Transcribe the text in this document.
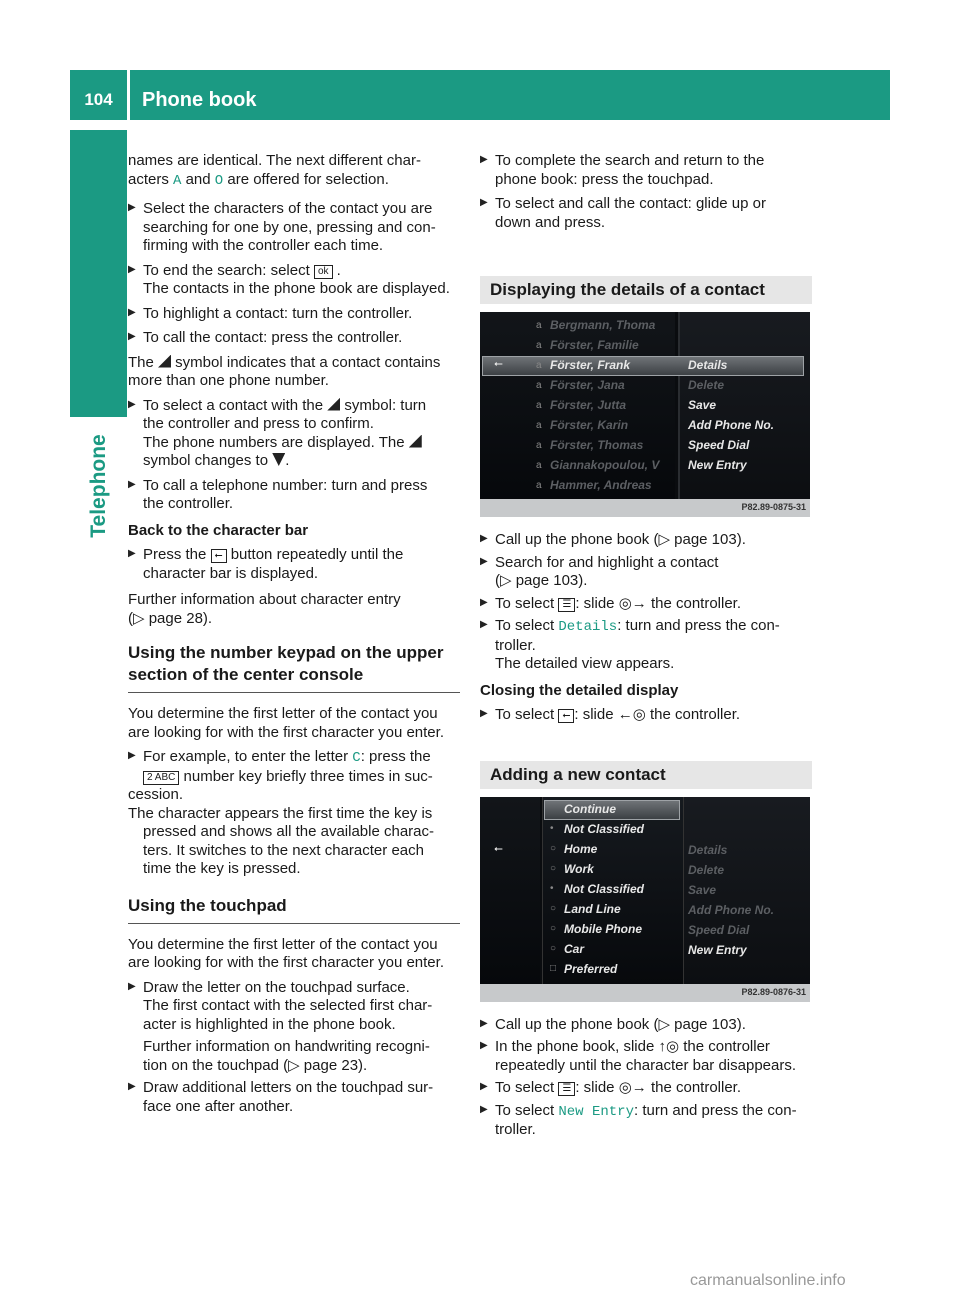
104	Phone book
Telephone

names are identical. The next different char-

acters A and O are offered for selection.

▶ Select the characters of the contact you are

searching for one by one, pressing and con-

firming with the controller each time.

▶ To end the search: select ok .

The contacts in the phone book are displayed.

▶ To highlight a contact: turn the controller.

▶ To call the contact: press the controller.

The  symbol indicates that a contact contains

more than one phone number.

▶ To select a contact with the  symbol: turn

the controller and press to confirm.

The phone numbers are displayed. The

symbol changes to .

▶ To call a telephone number: turn and press

the controller.

Back to the character bar

▶ Press the ⭠ button repeatedly until the

character bar is displayed.

Further information about character entry

(▷ page 28).

Using the number keypad on the upper

section of the center console

You determine the first letter of the contact you

are looking for with the first character you enter.

▶ For example, to enter the letter C: press the

2 ABC number key briefly three times in suc-

cession.

The character appears the first time the key is

pressed and shows all the available charac-

ters. It switches to the next character each

time the key is pressed.

Using the touchpad

You determine the first letter of the contact you

are looking for with the first character you enter.

▶ Draw the letter on the touchpad surface.

The first contact with the selected first char-

acter is highlighted in the phone book.

Further information on handwriting recogni-

tion on the touchpad (▷ page 23).

▶ Draw additional letters on the touchpad sur-

face one after another.

▶ To complete the search and return to the

phone book: press the touchpad.

▶ To select and call the contact: glide up or

down and press.

Displaying the details of a contact
⭠
P82.89-0875-31
a Bergmann, Thoma
a Förster, Familie
a Förster, Frank
a Förster, Jana
a Förster, Jutta
a Förster, Karin
a Förster, Thomas
a Giannakopoulou, V
a Hammer, Andreas
Details
Delete
Save
Add Phone No.
Speed Dial
New Entry

▶ Call up the phone book (▷ page 103).

▶ Search for and highlight a contact

(▷ page 103).

▶ To select ☰ : slide ◎→ the controller.

▶ To select Details: turn and press the con-

troller.

The detailed view appears.

Closing the detailed display

▶ To select ⭠ : slide ←◎ the controller.

Adding a new contact
⭠
P82.89-0876-31
Continue
• Not Classified
○ Home
○ Work
• Not Classified
○ Land Line
○ Mobile Phone
○ Car
□ Preferred
Details
Delete
Save
Add Phone No.
Speed Dial
New Entry

▶ Call up the phone book (▷ page 103).

▶ In the phone book, slide ↑◎ the controller

repeatedly until the character bar disappears.

▶ To select ☰ : slide ◎→ the controller.

▶ To select New Entry: turn and press the con-

troller.

carmanualsonline.info
